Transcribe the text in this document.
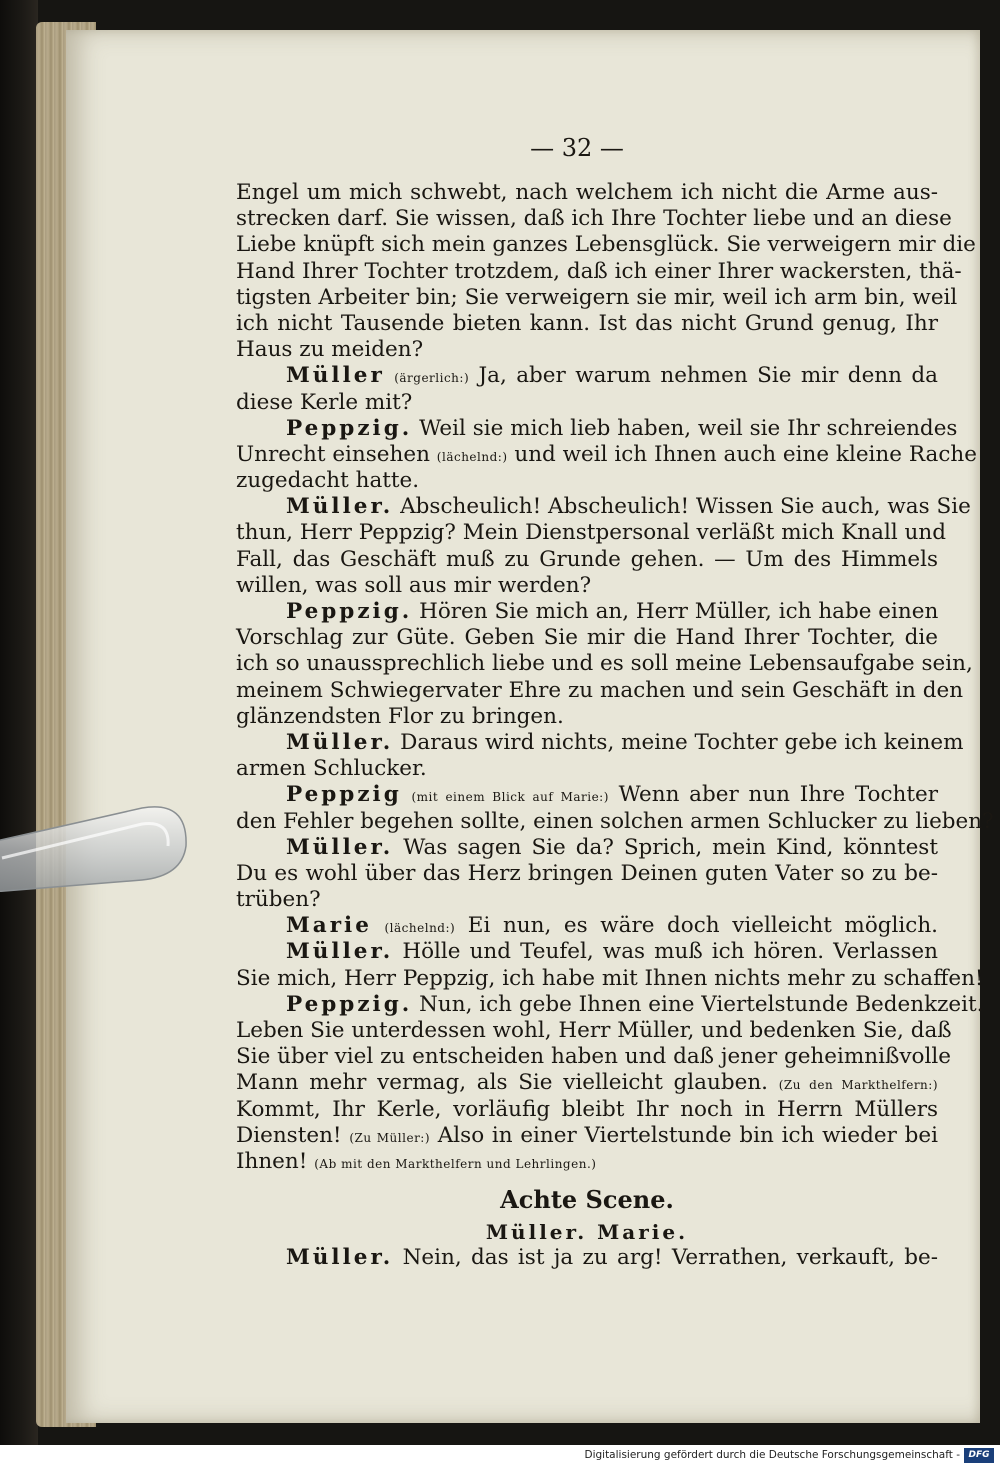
— 32 —
Engel um mich schwebt, nach welchem ich nicht die Arme aus-
strecken darf. Sie wissen, daß ich Ihre Tochter liebe und an diese
Liebe knüpft sich mein ganzes Lebensglück. Sie verweigern mir die
Hand Ihrer Tochter trotzdem, daß ich einer Ihrer wackersten, thä-
tigsten Arbeiter bin; Sie verweigern sie mir, weil ich arm bin, weil
ich nicht Tausende bieten kann. Ist das nicht Grund genug, Ihr
Haus zu meiden?
Müller (ärgerlich:) Ja, aber warum nehmen Sie mir denn da
diese Kerle mit?
Peppzig. Weil sie mich lieb haben, weil sie Ihr schreiendes
Unrecht einsehen (lächelnd:) und weil ich Ihnen auch eine kleine Rache
zugedacht hatte.
Müller. Abscheulich! Abscheulich! Wissen Sie auch, was Sie
thun, Herr Peppzig? Mein Dienstpersonal verläßt mich Knall und
Fall, das Geschäft muß zu Grunde gehen. — Um des Himmels
willen, was soll aus mir werden?
Peppzig. Hören Sie mich an, Herr Müller, ich habe einen
Vorschlag zur Güte. Geben Sie mir die Hand Ihrer Tochter, die
ich so unaussprechlich liebe und es soll meine Lebensaufgabe sein,
meinem Schwiegervater Ehre zu machen und sein Geschäft in den
glänzendsten Flor zu bringen.
Müller. Daraus wird nichts, meine Tochter gebe ich keinem
armen Schlucker.
Peppzig (mit einem Blick auf Marie:) Wenn aber nun Ihre Tochter
den Fehler begehen sollte, einen solchen armen Schlucker zu lieben?
Müller. Was sagen Sie da? Sprich, mein Kind, könntest
Du es wohl über das Herz bringen Deinen guten Vater so zu be-
trüben?
Marie (lächelnd:) Ei nun, es wäre doch vielleicht möglich.
Müller. Hölle und Teufel, was muß ich hören. Verlassen
Sie mich, Herr Peppzig, ich habe mit Ihnen nichts mehr zu schaffen!
Peppzig. Nun, ich gebe Ihnen eine Viertelstunde Bedenkzeit.
Leben Sie unterdessen wohl, Herr Müller, und bedenken Sie, daß
Sie über viel zu entscheiden haben und daß jener geheimnißvolle
Mann mehr vermag, als Sie vielleicht glauben. (Zu den Markthelfern:)
Kommt, Ihr Kerle, vorläufig bleibt Ihr noch in Herrn Müllers
Diensten! (Zu Müller:) Also in einer Viertelstunde bin ich wieder bei
Ihnen! (Ab mit den Markthelfern und Lehrlingen.)
Achte Scene.
Müller. Marie.
Müller. Nein, das ist ja zu arg! Verrathen, verkauft, be-
Digitalisierung gefördert durch die Deutsche Forschungsgemeinschaft - DFG
